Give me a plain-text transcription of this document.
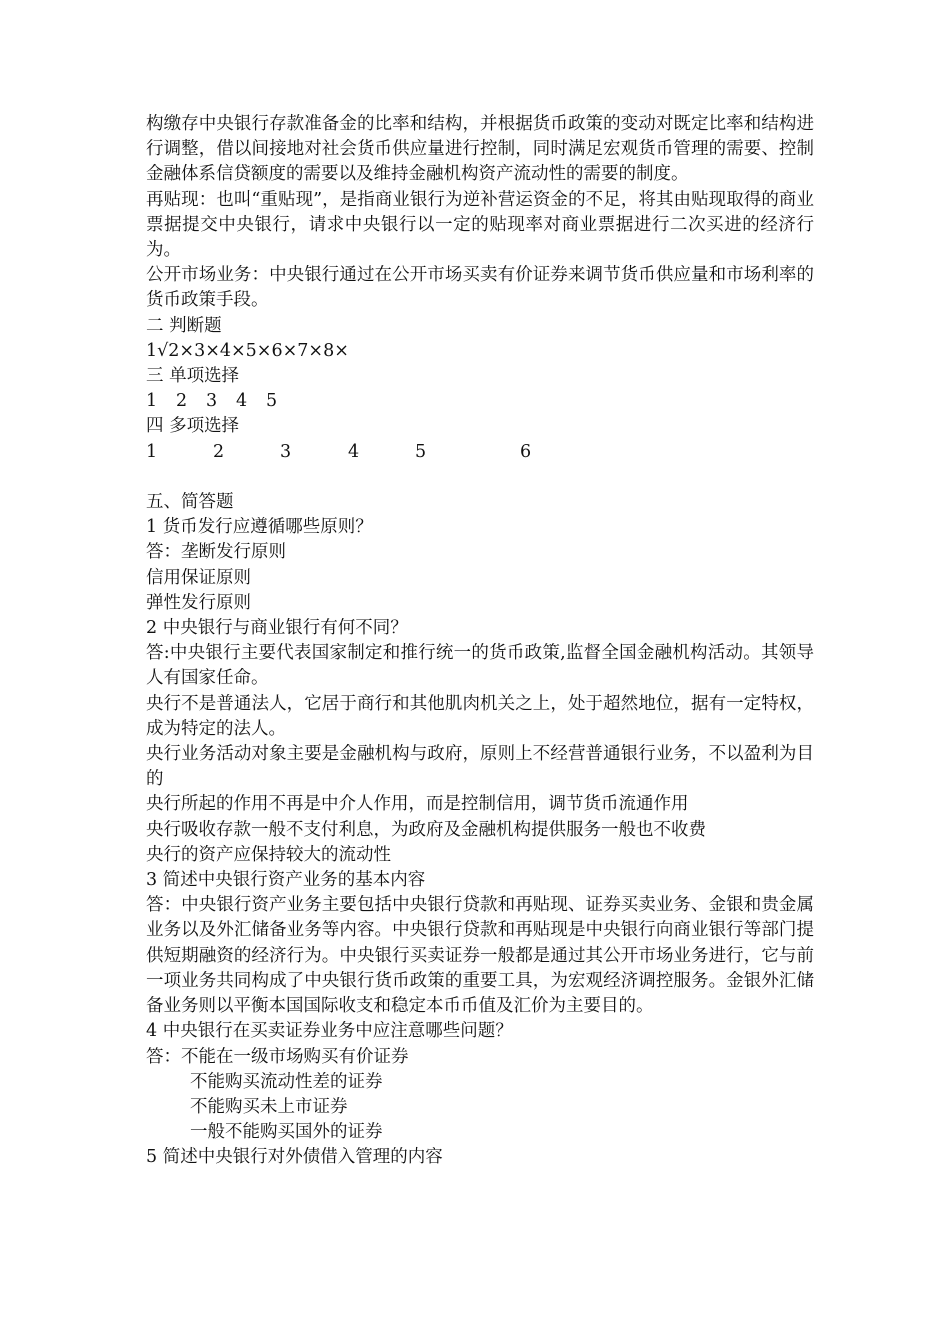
构缴存中央银行存款准备金的比率和结构，并根据货币政策的变动对既定比率和结构进行调整，借以间接地对社会货币供应量进行控制，同时满足宏观货币管理的需要、控制金融体系信贷额度的需要以及维持金融机构资产流动性的需要的制度。

再贴现：也叫“重贴现”，是指商业银行为逆补营运资金的不足，将其由贴现取得的商业票据提交中央银行，请求中央银行以一定的贴现率对商业票据进行二次买进的经济行为。

公开市场业务：中央银行通过在公开市场买卖有价证券来调节货币供应量和市场利率的货币政策手段。

二 判断题

1√2×3×4×5×6×7×8×

三 单项选择

1	2	3	4	5

四 多项选择

1	2	3	4	5	6

五、简答题

1 货币发行应遵循哪些原则？

答：垄断发行原则

信用保证原则

弹性发行原则

2 中央银行与商业银行有何不同？

答:中央银行主要代表国家制定和推行统一的货币政策,监督全国金融机构活动。其领导人有国家任命。

央行不是普通法人，它居于商行和其他肌肉机关之上，处于超然地位，据有一定特权，成为特定的法人。

央行业务活动对象主要是金融机构与政府，原则上不经营普通银行业务，不以盈利为目的

央行所起的作用不再是中介人作用，而是控制信用，调节货币流通作用

央行吸收存款一般不支付利息，为政府及金融机构提供服务一般也不收费

央行的资产应保持较大的流动性

3 简述中央银行资产业务的基本内容

答：中央银行资产业务主要包括中央银行贷款和再贴现、证券买卖业务、金银和贵金属业务以及外汇储备业务等内容。中央银行贷款和再贴现是中央银行向商业银行等部门提供短期融资的经济行为。中央银行买卖证券一般都是通过其公开市场业务进行，它与前一项业务共同构成了中央银行货币政策的重要工具，为宏观经济调控服务。金银外汇储备业务则以平衡本国国际收支和稳定本币币值及汇价为主要目的。

4 中央银行在买卖证券业务中应注意哪些问题？

答：不能在一级市场购买有价证券

不能购买流动性差的证券

不能购买未上市证券

一般不能购买国外的证券

5 简述中央银行对外债借入管理的内容
